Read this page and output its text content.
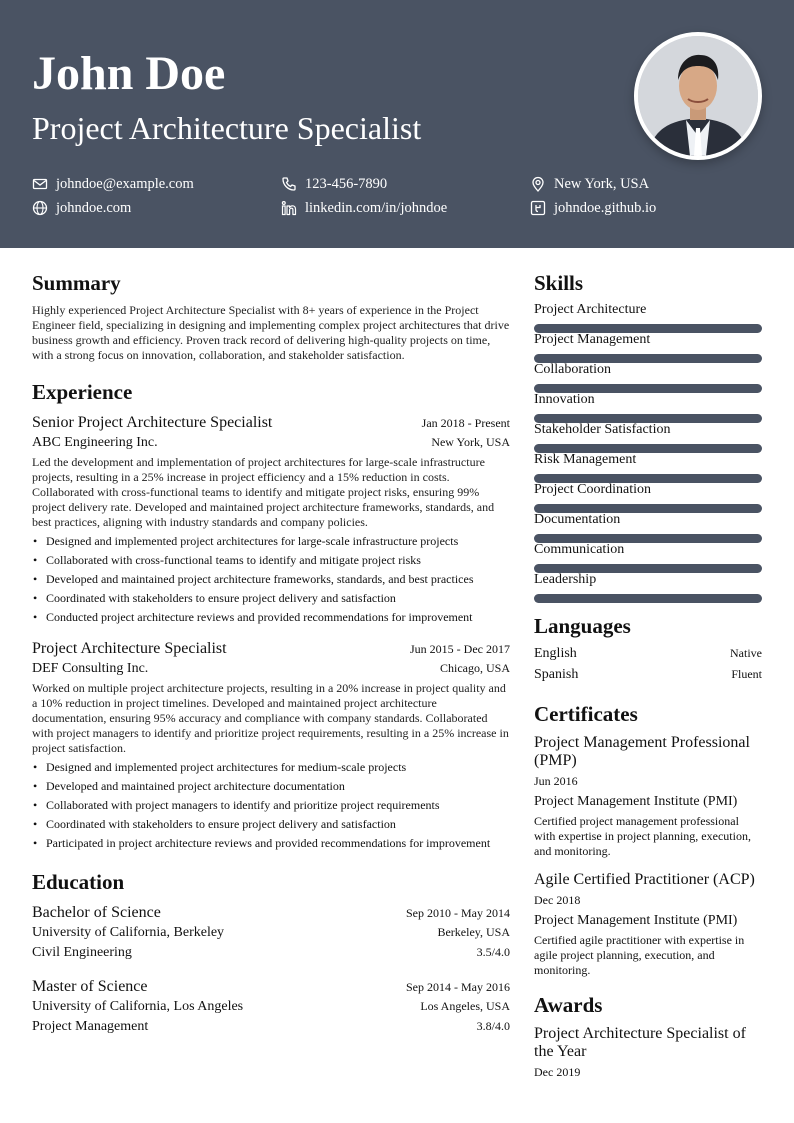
John Doe
Project Architecture Specialist
johndoe@example.com	123-456-7890	New York, USA
johndoe.com	linkedin.com/in/johndoe	johndoe.github.io
Summary

Highly experienced Project Architecture Specialist with 8+ years of experience in the Project Engineer field, specializing in designing and implementing complex project architectures that drive business growth and efficiency. Proven track record of delivering high-quality projects on time, with a strong focus on innovation, collaboration, and stakeholder satisfaction.

Experience
Senior Project Architecture Specialist	Jan 2018 - Present
ABC Engineering Inc.	New York, USA

Led the development and implementation of project architectures for large-scale infrastructure projects, resulting in a 25% increase in project efficiency and a 15% reduction in costs. Collaborated with cross-functional teams to identify and mitigate project risks, ensuring 99% project delivery rate. Developed and maintained project architecture frameworks, standards, and best practices, aligning with industry standards and company policies.

• Designed and implemented project architectures for large-scale infrastructure projects
• Collaborated with cross-functional teams to identify and mitigate project risks
• Developed and maintained project architecture frameworks, standards, and best practices
• Coordinated with stakeholders to ensure project delivery and satisfaction
• Conducted project architecture reviews and provided recommendations for improvement
Project Architecture Specialist	Jun 2015 - Dec 2017
DEF Consulting Inc.	Chicago, USA

Worked on multiple project architecture projects, resulting in a 20% increase in project quality and a 10% reduction in project timelines. Developed and maintained project architecture documentation, ensuring 95% accuracy and compliance with company standards. Collaborated with project managers to identify and prioritize project requirements, resulting in a 25% increase in project satisfaction.

• Designed and implemented project architectures for medium-scale projects
• Developed and maintained project architecture documentation
• Collaborated with project managers to identify and prioritize project requirements
• Coordinated with stakeholders to ensure project delivery and satisfaction
• Participated in project architecture reviews and provided recommendations for improvement
Education
Bachelor of Science	Sep 2010 - May 2014
University of California, Berkeley	Berkeley, USA
Civil Engineering	3.5/4.0
Master of Science	Sep 2014 - May 2016
University of California, Los Angeles	Los Angeles, USA
Project Management	3.8/4.0
Skills
Project Architecture
Project Management
Collaboration
Innovation
Stakeholder Satisfaction
Risk Management
Project Coordination
Documentation
Communication
Leadership
Languages
English	Native
Spanish	Fluent
Certificates
Project Management Professional (PMP)
Jun 2016
Project Management Institute (PMI)
Certified project management professional with expertise in project planning, execution, and monitoring.
Agile Certified Practitioner (ACP)
Dec 2018
Project Management Institute (PMI)
Certified agile practitioner with expertise in agile project planning, execution, and monitoring.
Awards
Project Architecture Specialist of the Year
Dec 2019
